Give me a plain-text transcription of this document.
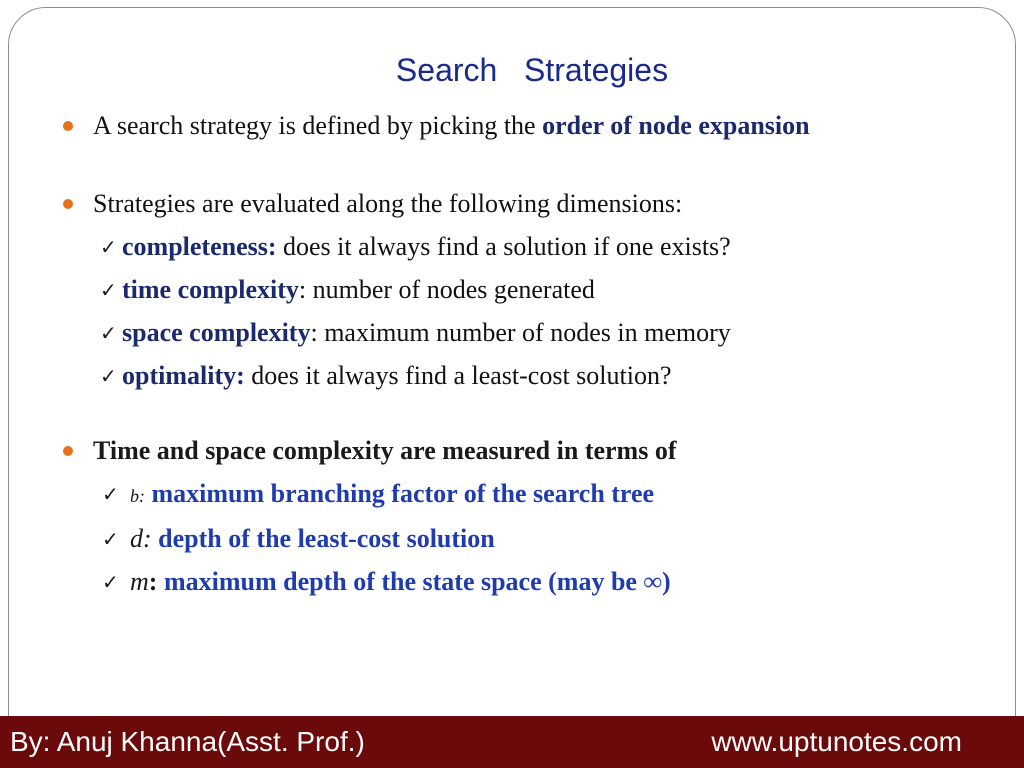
Search   Strategies
A search strategy is defined by picking the order of node expansion
Strategies are evaluated along the following dimensions:
✓ completeness: does it always find a solution if one exists?
✓ time complexity: number of nodes generated
✓ space complexity: maximum number of nodes in memory
✓ optimality: does it always find a least-cost solution?
Time and space complexity are measured in terms of
✓ b: maximum branching factor of the search tree
✓ d: depth of the least-cost solution
✓ m: maximum depth of the state space (may be ∞)
By: Anuj Khanna(Asst. Prof.)	www.uptunotes.com
